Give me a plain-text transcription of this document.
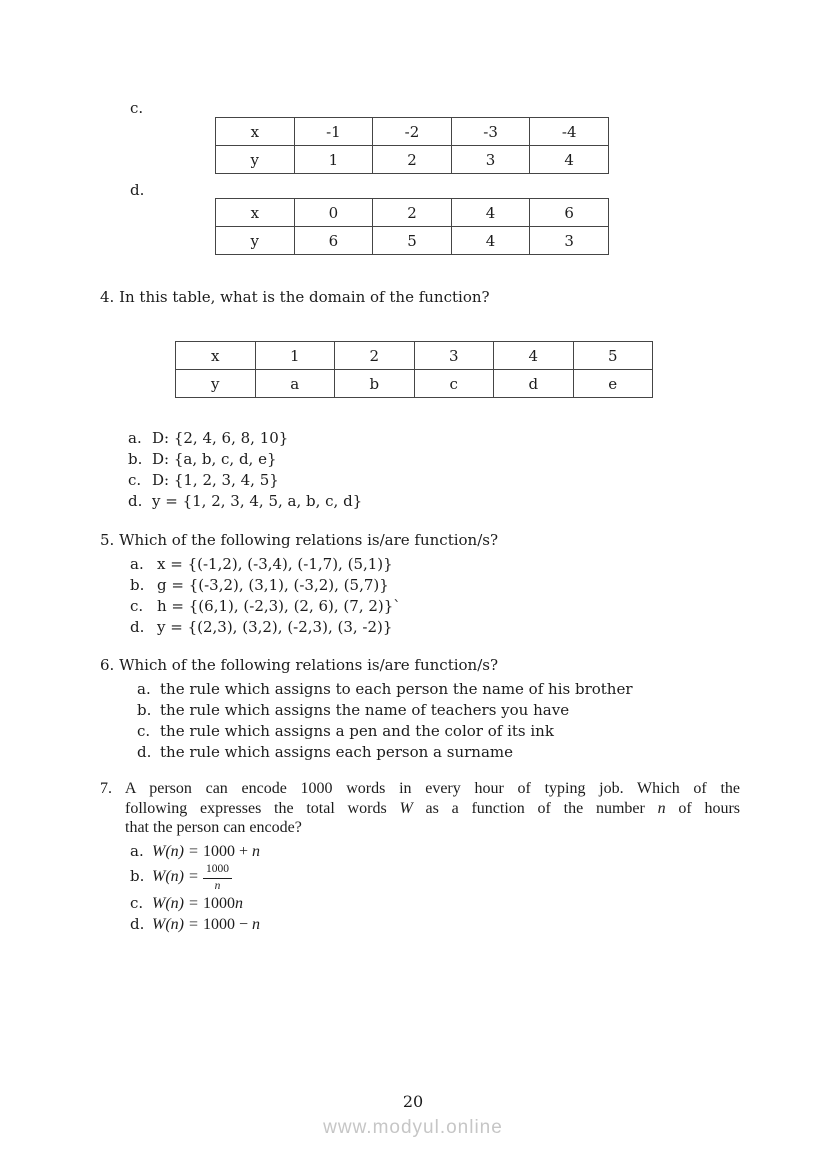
c.
x	-1	-2	-3	-4
y	1	2	3	4
d.
x	0	2	4	6
y	6	5	4	3
4. In this table, what is the domain of the function?
x	1	2	3	4	5
y	a	b	c	d	e
a. D: {2, 4, 6, 8, 10}
b. D: {a, b, c, d, e}
c. D: {1, 2, 3, 4, 5}
d. y = {1, 2, 3, 4, 5, a, b, c, d}
5. Which of the following relations is/are function/s?
a. x = {(-1,2), (-3,4), (-1,7), (5,1)}
b. g = {(-3,2), (3,1), (-3,2), (5,7)}
c. h = {(6,1), (-2,3), (2, 6), (7, 2)}`
d. y = {(2,3), (3,2), (-2,3), (3, -2)}
6. Which of the following relations is/are function/s?
a. the rule which assigns to each person the name of his brother
b. the rule which assigns the name of teachers you have
c. the rule which assigns a pen and the color of its ink
d. the rule which assigns each person a surname
7. A person can encode 1000 words in every hour of typing job. Which of the
following expresses the total words W as a function of the number n of hours
that the person can encode?
a. W(n) = 1000 + n
b. $W(n) = \frac{1000}{n}$
c. W(n) = 1000n
d. W(n) = 1000 − n
20
www.modyul.online
